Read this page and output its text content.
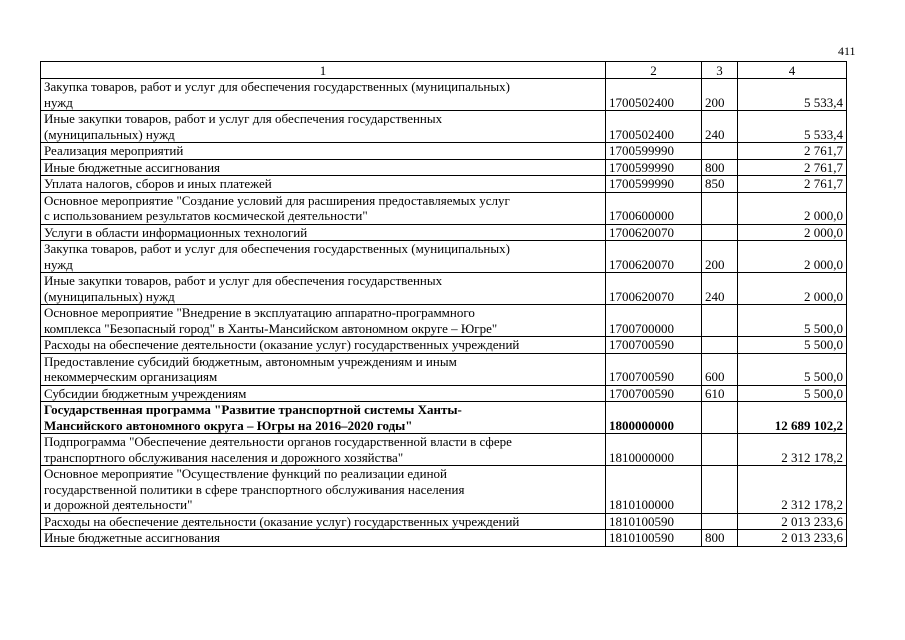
411
1	2	3	4

Закупка товаров, работ и услуг для обеспечения государственных (муниципальных)
нужд	1700502400	200	5 533,4

Иные закупки товаров, работ и услуг для обеспечения государственных
(муниципальных) нужд	1700502400	240	5 533,4

Реализация мероприятий	1700599990		2 761,7

Иные бюджетные ассигнования	1700599990	800	2 761,7

Уплата налогов, сборов и иных платежей	1700599990	850	2 761,7

Основное мероприятие "Создание условий для расширения предоставляемых услуг
с использованием результатов космической деятельности"	1700600000		2 000,0

Услуги в области информационных технологий	1700620070		2 000,0

Закупка товаров, работ и услуг для обеспечения государственных (муниципальных)
нужд	1700620070	200	2 000,0

Иные закупки товаров, работ и услуг для обеспечения государственных
(муниципальных) нужд	1700620070	240	2 000,0

Основное мероприятие "Внедрение в эксплуатацию аппаратно-программного
комплекса "Безопасный город" в Ханты-Мансийском автономном округе – Югре"	1700700000		5 500,0

Расходы на обеспечение деятельности (оказание услуг) государственных учреждений	1700700590		5 500,0

Предоставление субсидий бюджетным, автономным учреждениям и иным
некоммерческим организациям	1700700590	600	5 500,0

Субсидии бюджетным учреждениям	1700700590	610	5 500,0

Государственная программа "Развитие транспортной системы Ханты-
Мансийского автономного округа – Югры на 2016–2020 годы"	1800000000		12 689 102,2

Подпрограмма "Обеспечение деятельности органов государственной власти в сфере
транспортного обслуживания населения и дорожного хозяйства"	1810000000		2 312 178,2

Основное мероприятие "Осуществление функций по реализации единой
государственной политики в сфере транспортного обслуживания населения
и дорожной деятельности"	1810100000		2 312 178,2

Расходы на обеспечение деятельности (оказание услуг) государственных учреждений	1810100590		2 013 233,6

Иные бюджетные ассигнования	1810100590	800	2 013 233,6
